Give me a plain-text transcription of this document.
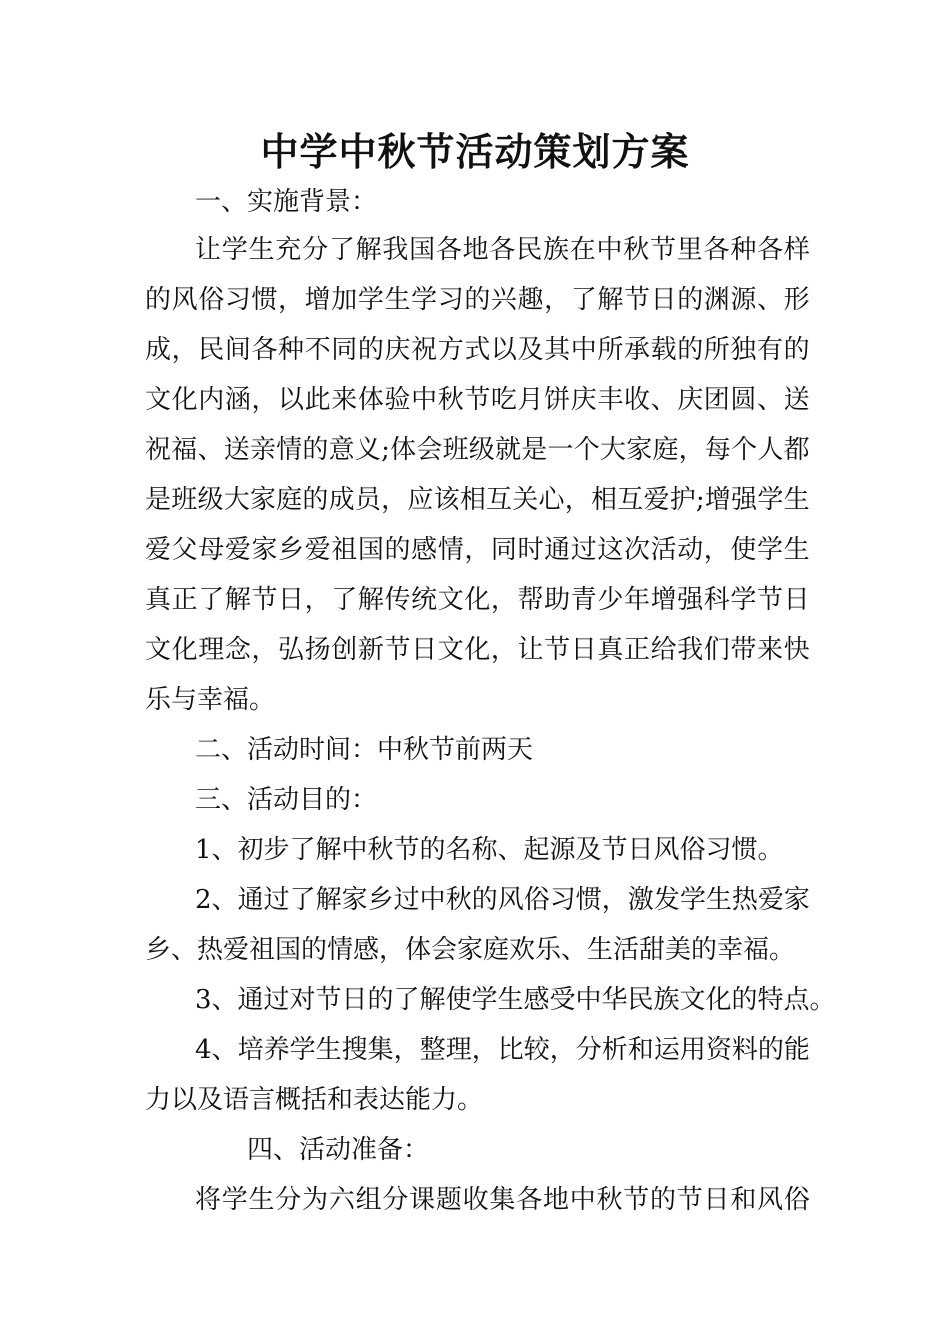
中学中秋节活动策划方案
一、实施背景：
让 学 生 充 分 了 解 我 国 各 地 各 民 族 在 中 秋 节 里 各 种 各 样
的 风 俗 习 惯 ， 增 加 学 生 学 习 的 兴 趣 ， 了 解 节 日 的 渊 源 、 形
成 ， 民 间 各 种 不 同 的 庆 祝 方 式 以 及 其 中 所 承 载 的 所 独 有 的
文 化 内 涵 ， 以 此 来 体 验 中 秋 节 吃 月 饼 庆 丰 收 、 庆 团 圆 、 送
祝 福 、 送 亲 情 的 意 义 ; 体 会 班 级 就 是 一 个 大 家 庭 ， 每 个 人 都
是 班 级 大 家 庭 的 成 员 ， 应 该 相 互 关 心 ， 相 互 爱 护 ; 增 强 学 生
爱 父 母 爱 家 乡 爱 祖 国 的 感 情 ， 同 时 通 过 这 次 活 动 ， 使 学 生
真 正 了 解 节 日 ， 了 解 传 统 文 化 ， 帮 助 青 少 年 增 强 科 学 节 日
文 化 理 念 ， 弘 扬 创 新 节 日 文 化 ， 让 节 日 真 正 给 我 们 带 来 快
乐与幸福。
二、活动时间：中秋节前两天
三、活动目的：
1、初步了解中秋节的名称、起源及节日风俗习惯。
2 、 通 过 了 解 家 乡 过 中 秋 的 风 俗 习 惯 ， 激 发 学 生 热 爱 家
乡、热爱祖国的情感，体会家庭欢乐、生活甜美的幸福。
3、通过对节日的了解使学生感受中华民族文化的特点。
4 、 培 养 学 生 搜 集 ， 整 理 ， 比 较 ， 分 析 和 运 用 资 料 的 能
力以及语言概括和表达能力。
四、活动准备：
将 学 生 分 为 六 组 分 课 题 收 集 各 地 中 秋 节 的 节 日 和 风 俗
